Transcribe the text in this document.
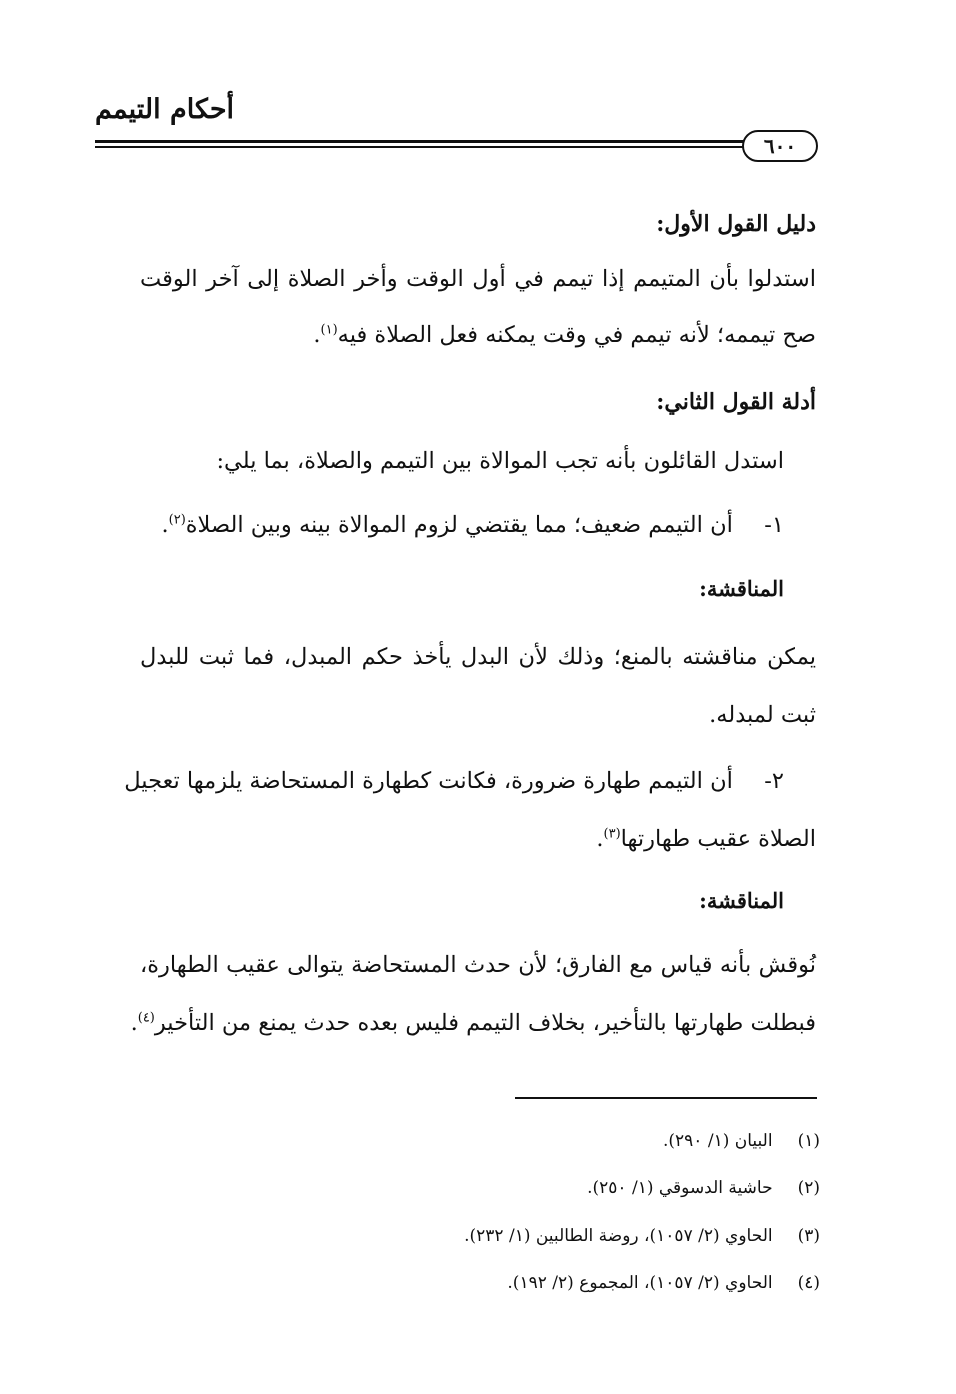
أحكام التيمم
٦٠٠
دليل القول الأول:
استدلوا بأن المتيمم إذا تيمم في أول الوقت وأخر الصلاة إلى آخر الوقت
صح تيممه؛ لأنه تيمم في وقت يمكنه فعل الصلاة فيه$^{(١)}$.
أدلة القول الثاني:
استدل القائلون بأنه تجب الموالاة بين التيمم والصلاة، بما يلي:
١- أن التيمم ضعيف؛ مما يقتضي لزوم الموالاة بينه وبين الصلاة$^{(٢)}$.
المناقشة:
يمكن مناقشته بالمنع؛ وذلك لأن البدل يأخذ حكم المبدل، فما ثبت للبدل
ثبت لمبدله.
٢- أن التيمم طهارة ضرورة، فكانت كطهارة المستحاضة يلزمها تعجيل
الصلاة عقيب طهارتها$^{(٣)}$.
المناقشة:
نُوقش بأنه قياس مع الفارق؛ لأن حدث المستحاضة يتوالى عقيب الطهارة،
فبطلت طهارتها بالتأخير، بخلاف التيمم فليس بعده حدث يمنع من التأخير$^{(٤)}$.
(١) البيان (١/ ٢٩٠).
(٢) حاشية الدسوقي (١/ ٢٥٠).
(٣) الحاوي (٢/ ١٠٥٧)، روضة الطالبين (١/ ٢٣٢).
(٤) الحاوي (٢/ ١٠٥٧)، المجموع (٢/ ١٩٢).
